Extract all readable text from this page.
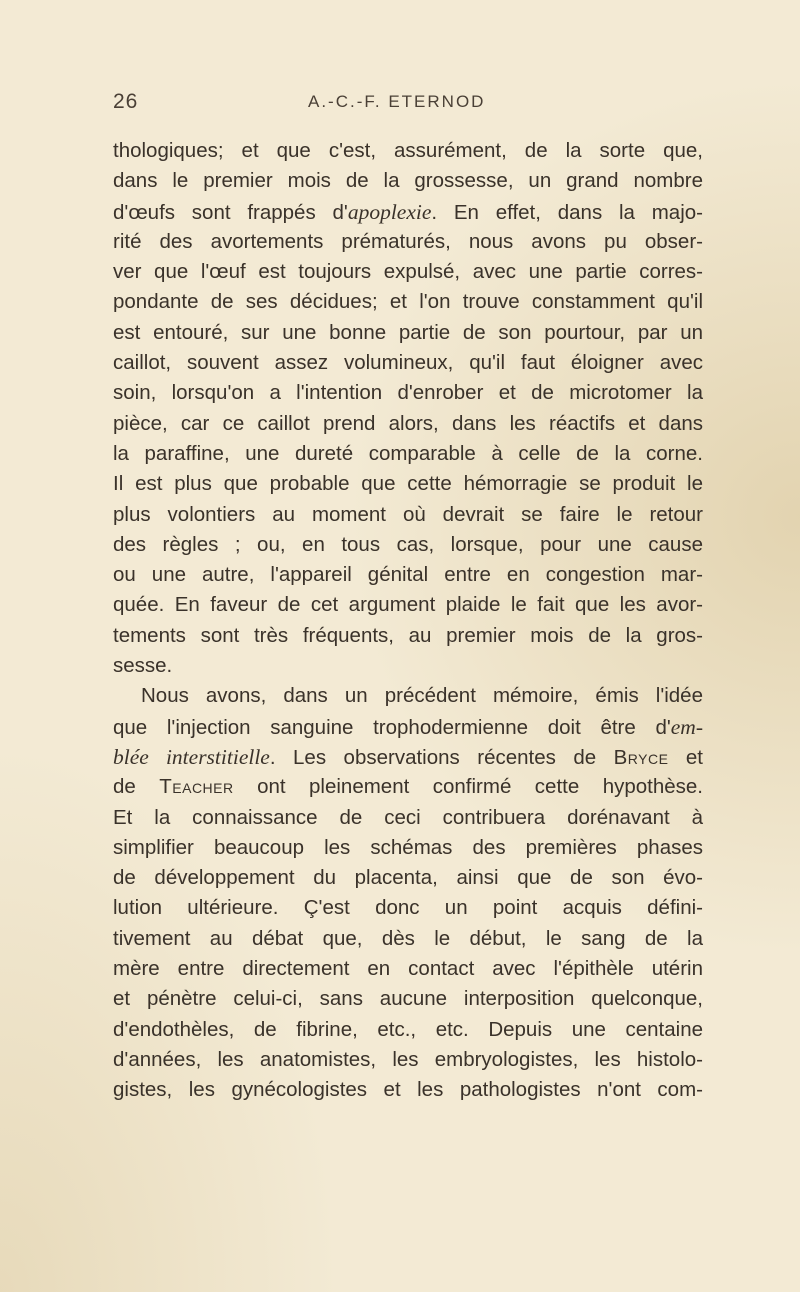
26	A.-C.-F. ETERNOD
thologiques; et que c'est, assurément, de la sorte que,
dans le premier mois de la grossesse, un grand nombre
d'œufs sont frappés d'apoplexie. En effet, dans la majo-
rité des avortements prématurés, nous avons pu obser-
ver que l'œuf est toujours expulsé, avec une partie corres-
pondante de ses décidues; et l'on trouve constamment qu'il
est entouré, sur une bonne partie de son pourtour, par un
caillot, souvent assez volumineux, qu'il faut éloigner avec
soin, lorsqu'on a l'intention d'enrober et de microtomer la
pièce, car ce caillot prend alors, dans les réactifs et dans
la paraffine, une dureté comparable à celle de la corne.
Il est plus que probable que cette hémorragie se produit le
plus volontiers au moment où devrait se faire le retour
des règles ; ou, en tous cas, lorsque, pour une cause
ou une autre, l'appareil génital entre en congestion mar-
quée. En faveur de cet argument plaide le fait que les avor-
tements sont très fréquents, au premier mois de la gros-
sesse.
Nous avons, dans un précédent mémoire, émis l'idée
que l'injection sanguine trophodermienne doit être d'em-
blée interstitielle. Les observations récentes de Bryce et
de Teacher ont pleinement confirmé cette hypothèse.
Et la connaissance de ceci contribuera dorénavant à
simplifier beaucoup les schémas des premières phases
de développement du placenta, ainsi que de son évo-
lution ultérieure. Ç'est donc un point acquis défini-
tivement au débat que, dès le début, le sang de la
mère entre directement en contact avec l'épithèle utérin
et pénètre celui-ci, sans aucune interposition quelconque,
d'endothèles, de fibrine, etc., etc. Depuis une centaine
d'années, les anatomistes, les embryologistes, les histolo-
gistes, les gynécologistes et les pathologistes n'ont com-
